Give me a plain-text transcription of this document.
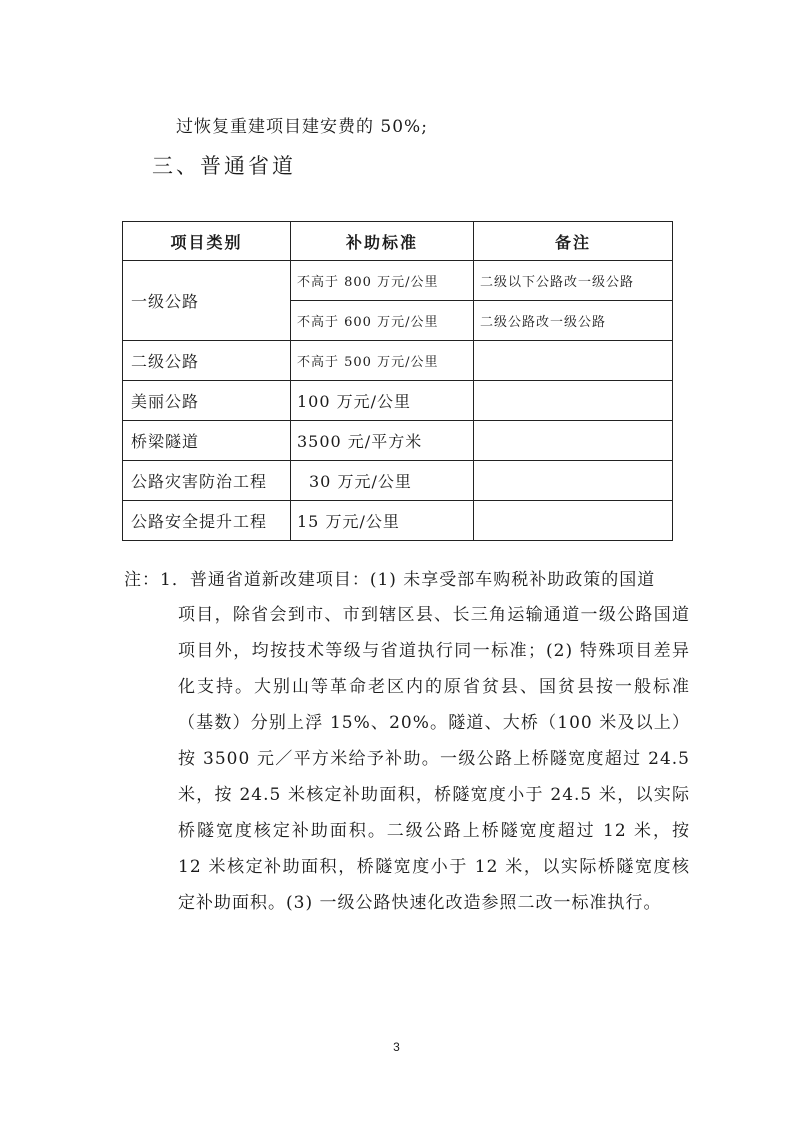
过恢复重建项目建安费的 50%;
三、普通省道
项目类别	补助标准	备注
一级公路	不高于 800 万元/公里	二级以下公路改一级公路
	不高于 600 万元/公里	二级公路改一级公路
二级公路	不高于 500 万元/公里	
美丽公路	100 万元/公里	
桥梁隧道	3500 元/平方米	
公路灾害防治工程	30 万元/公里	
公路安全提升工程	15 万元/公里	
注：1．普通省道新改建项目：(1) 未享受部车购税补助政策的国道
项目，除省会到市、市到辖区县、长三角运输通道一级公路国道项目外，均按技术等级与省道执行同一标准；(2) 特殊项目差异化支持。大别山等革命老区内的原省贫县、国贫县按一般标准（基数）分别上浮 15%、20%。隧道、大桥（100 米及以上）按 3500 元／平方米给予补助。一级公路上桥隧宽度超过 24.5 米，按 24.5 米核定补助面积，桥隧宽度小于 24.5 米，以实际桥隧宽度核定补助面积。二级公路上桥隧宽度超过 12 米，按 12 米核定补助面积，桥隧宽度小于 12 米，以实际桥隧宽度核定补助面积。(3) 一级公路快速化改造参照二改一标准执行。
3
